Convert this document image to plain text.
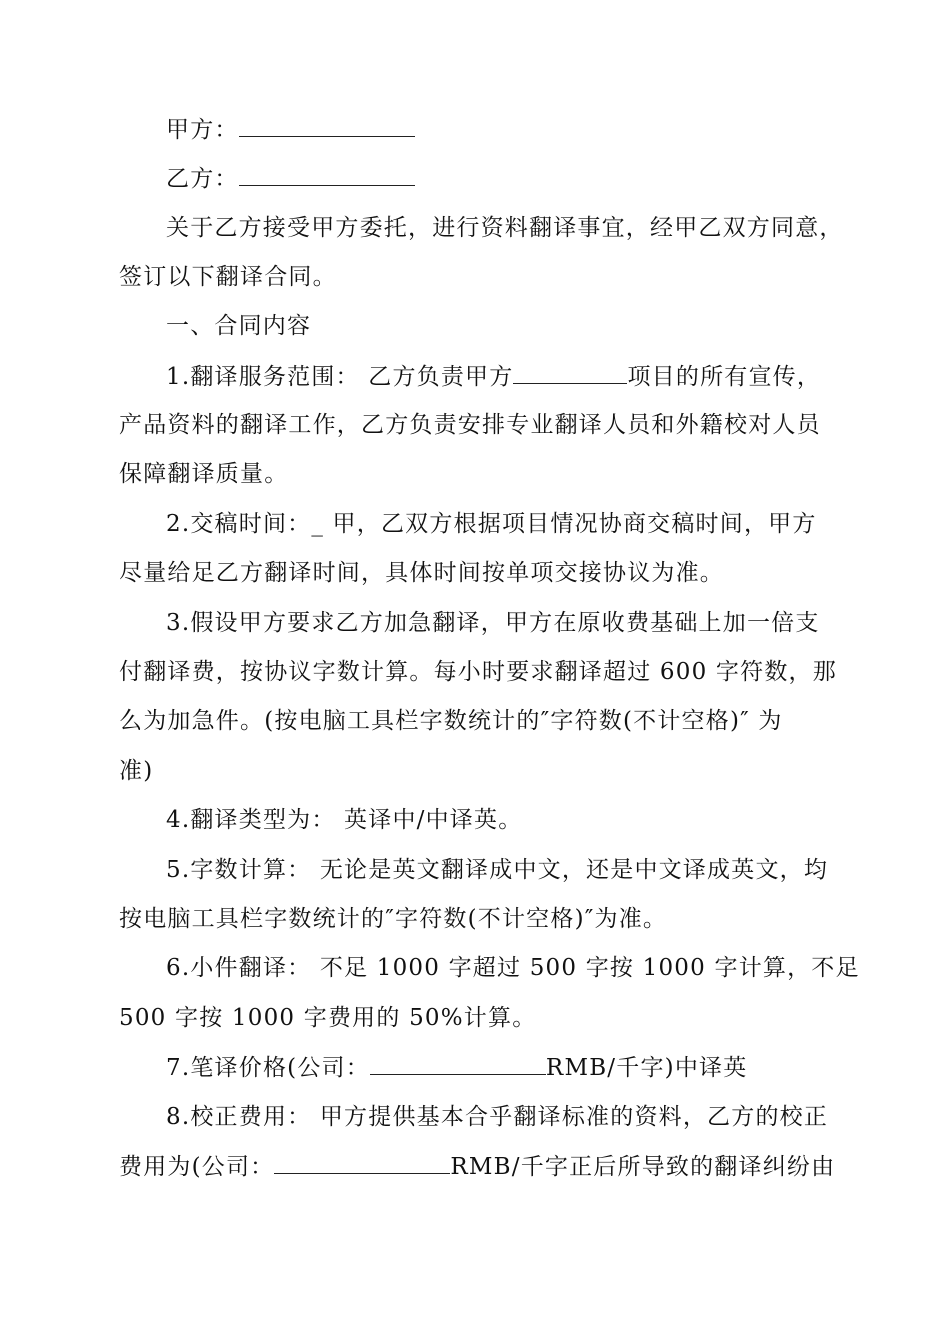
甲方：
乙方：
关于乙方接受甲方委托，进行资料翻译事宜，经甲乙双方同意，
签订以下翻译合同。
一、合同内容
1.翻译服务范围： 乙方负责甲方	项目的所有宣传，
产品资料的翻译工作，乙方负责安排专业翻译人员和外籍校对人员
保障翻译质量。
2.交稿时间：_ 甲，乙双方根据项目情况协商交稿时间，甲方
尽量给足乙方翻译时间，具体时间按单项交接协议为准。
3.假设甲方要求乙方加急翻译，甲方在原收费基础上加一倍支
付翻译费，按协议字数计算。每小时要求翻译超过 600 字符数，那
么为加急件。(按电脑工具栏字数统计的″字符数(不计空格)″ 为
准)
4.翻译类型为： 英译中/中译英。
5.字数计算： 无论是英文翻译成中文，还是中文译成英文，均
按电脑工具栏字数统计的″字符数(不计空格)″为准。
6.小件翻译： 不足 1000 字超过 500 字按 1000 字计算，不足
500 字按 1000 字费用的 50%计算。
7.笔译价格(公司：	RMB/千字)中译英
8.校正费用： 甲方提供基本合乎翻译标准的资料，乙方的校正
费用为(公司：	RMB/千字正后所导致的翻译纠纷由
